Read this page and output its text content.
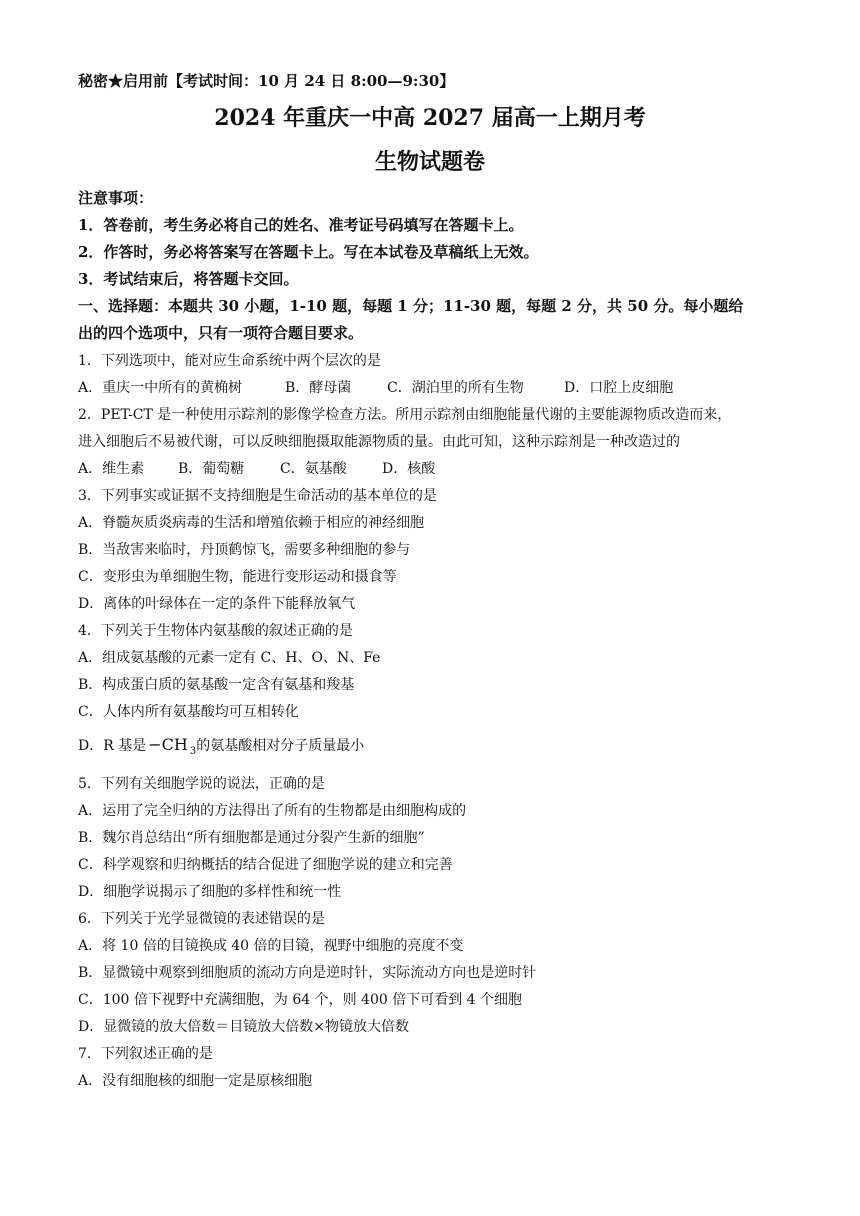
秘密★启用前【考试时间：10 月 24 日 8:00—9:30】
2024 年重庆一中高 2027 届高一上期月考
生物试题卷
注意事项：
1．答卷前，考生务必将自己的姓名、准考证号码填写在答题卡上。
2．作答时，务必将答案写在答题卡上。写在本试卷及草稿纸上无效。
3．考试结束后，将答题卡交回。
一、选择题：本题共 30 小题，1-10 题，每题 1 分；11-30 题，每题 2 分，共 50 分。每小题给
出的四个选项中，只有一项符合题目要求。
1．下列选项中，能对应生命系统中两个层次的是
A．重庆一中所有的黄桷树	B．酵母菌	C．湖泊里的所有生物	D．口腔上皮细胞
2．PET-CT 是一种使用示踪剂的影像学检查方法。所用示踪剂由细胞能量代谢的主要能源物质改造而来，
进入细胞后不易被代谢，可以反映细胞摄取能源物质的量。由此可知，这种示踪剂是一种改造过的
A．维生素 B．葡萄糖	C．氨基酸	D．核酸
3．下列事实或证据不支持细胞是生命活动的基本单位的是
A．脊髓灰质炎病毒的生活和增殖依赖于相应的神经细胞
B．当敌害来临时，丹顶鹤惊飞，需要多种细胞的参与
C．变形虫为单细胞生物，能进行变形运动和摄食等
D．离体的叶绿体在一定的条件下能释放氧气
4．下列关于生物体内氨基酸的叙述正确的是
A．组成氨基酸的元素一定有 C、H、O、N、Fe
B．构成蛋白质的氨基酸一定含有氨基和羧基
C．人体内所有氨基酸均可互相转化
D．R 基是 −CH $_3$的氨基酸相对分子质量最小
5．下列有关细胞学说的说法，正确的是
A．运用了完全归纳的方法得出了所有的生物都是由细胞构成的
B．魏尔肖总结出“所有细胞都是通过分裂产生新的细胞”
C．科学观察和归纳概括的结合促进了细胞学说的建立和完善
D．细胞学说揭示了细胞的多样性和统一性
6．下列关于光学显微镜的表述错误的是
A．将 10 倍的目镜换成 40 倍的目镜，视野中细胞的亮度不变
B．显微镜中观察到细胞质的流动方向是逆时针，实际流动方向也是逆时针
C．100 倍下视野中充满细胞，为 64 个，则 400 倍下可看到 4 个细胞
D．显微镜的放大倍数＝目镜放大倍数×物镜放大倍数
7．下列叙述正确的是
A．没有细胞核的细胞一定是原核细胞
